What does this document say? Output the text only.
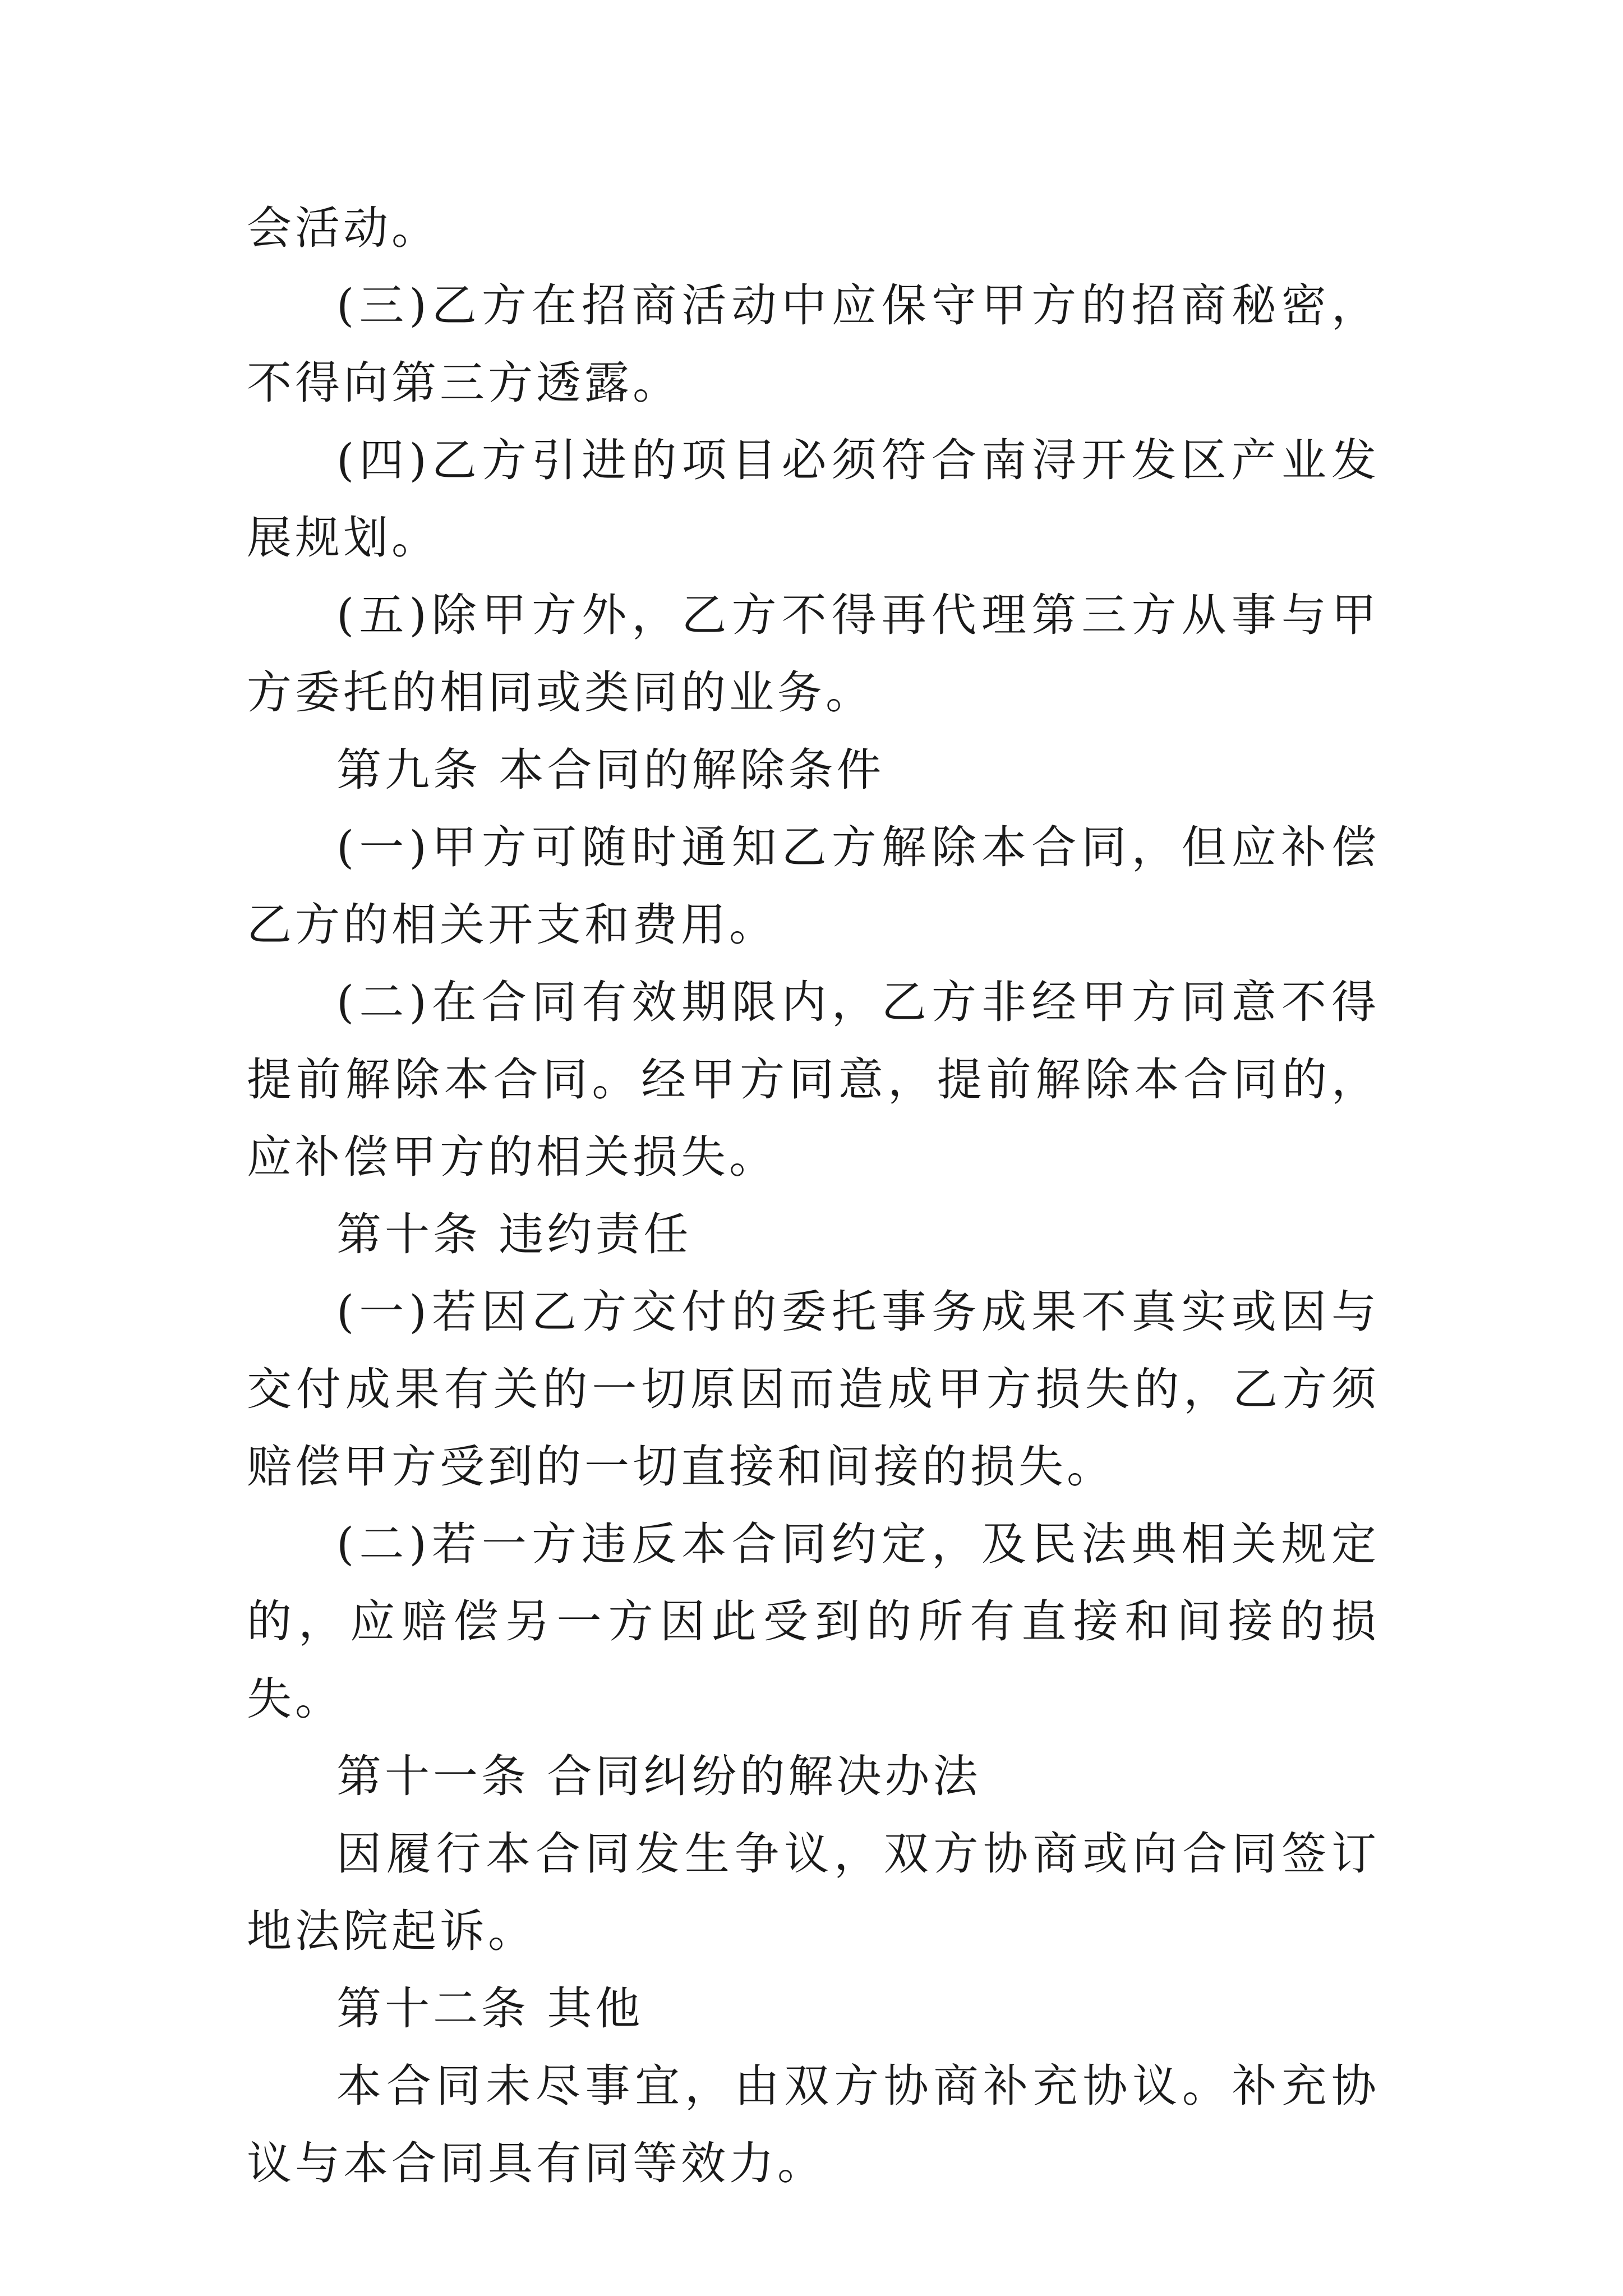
会活动。

(三)乙方在招商活动中应保守甲方的招商秘密，不得向第三方透露。

(四)乙方引进的项目必须符合南浔开发区产业发展规划。

(五)除甲方外，乙方不得再代理第三方从事与甲方委托的相同或类同的业务。

第九条 本合同的解除条件

(一)甲方可随时通知乙方解除本合同，但应补偿乙方的相关开支和费用。

(二)在合同有效期限内，乙方非经甲方同意不得提前解除本合同。经甲方同意，提前解除本合同的，应补偿甲方的相关损失。

第十条 违约责任

(一)若因乙方交付的委托事务成果不真实或因与交付成果有关的一切原因而造成甲方损失的，乙方须赔偿甲方受到的一切直接和间接的损失。

(二)若一方违反本合同约定，及民法典相关规定的，应赔偿另一方因此受到的所有直接和间接的损失。

第十一条 合同纠纷的解决办法

因履行本合同发生争议，双方协商或向合同签订地法院起诉。

第十二条 其他

本合同未尽事宜，由双方协商补充协议。补充协议与本合同具有同等效力。
